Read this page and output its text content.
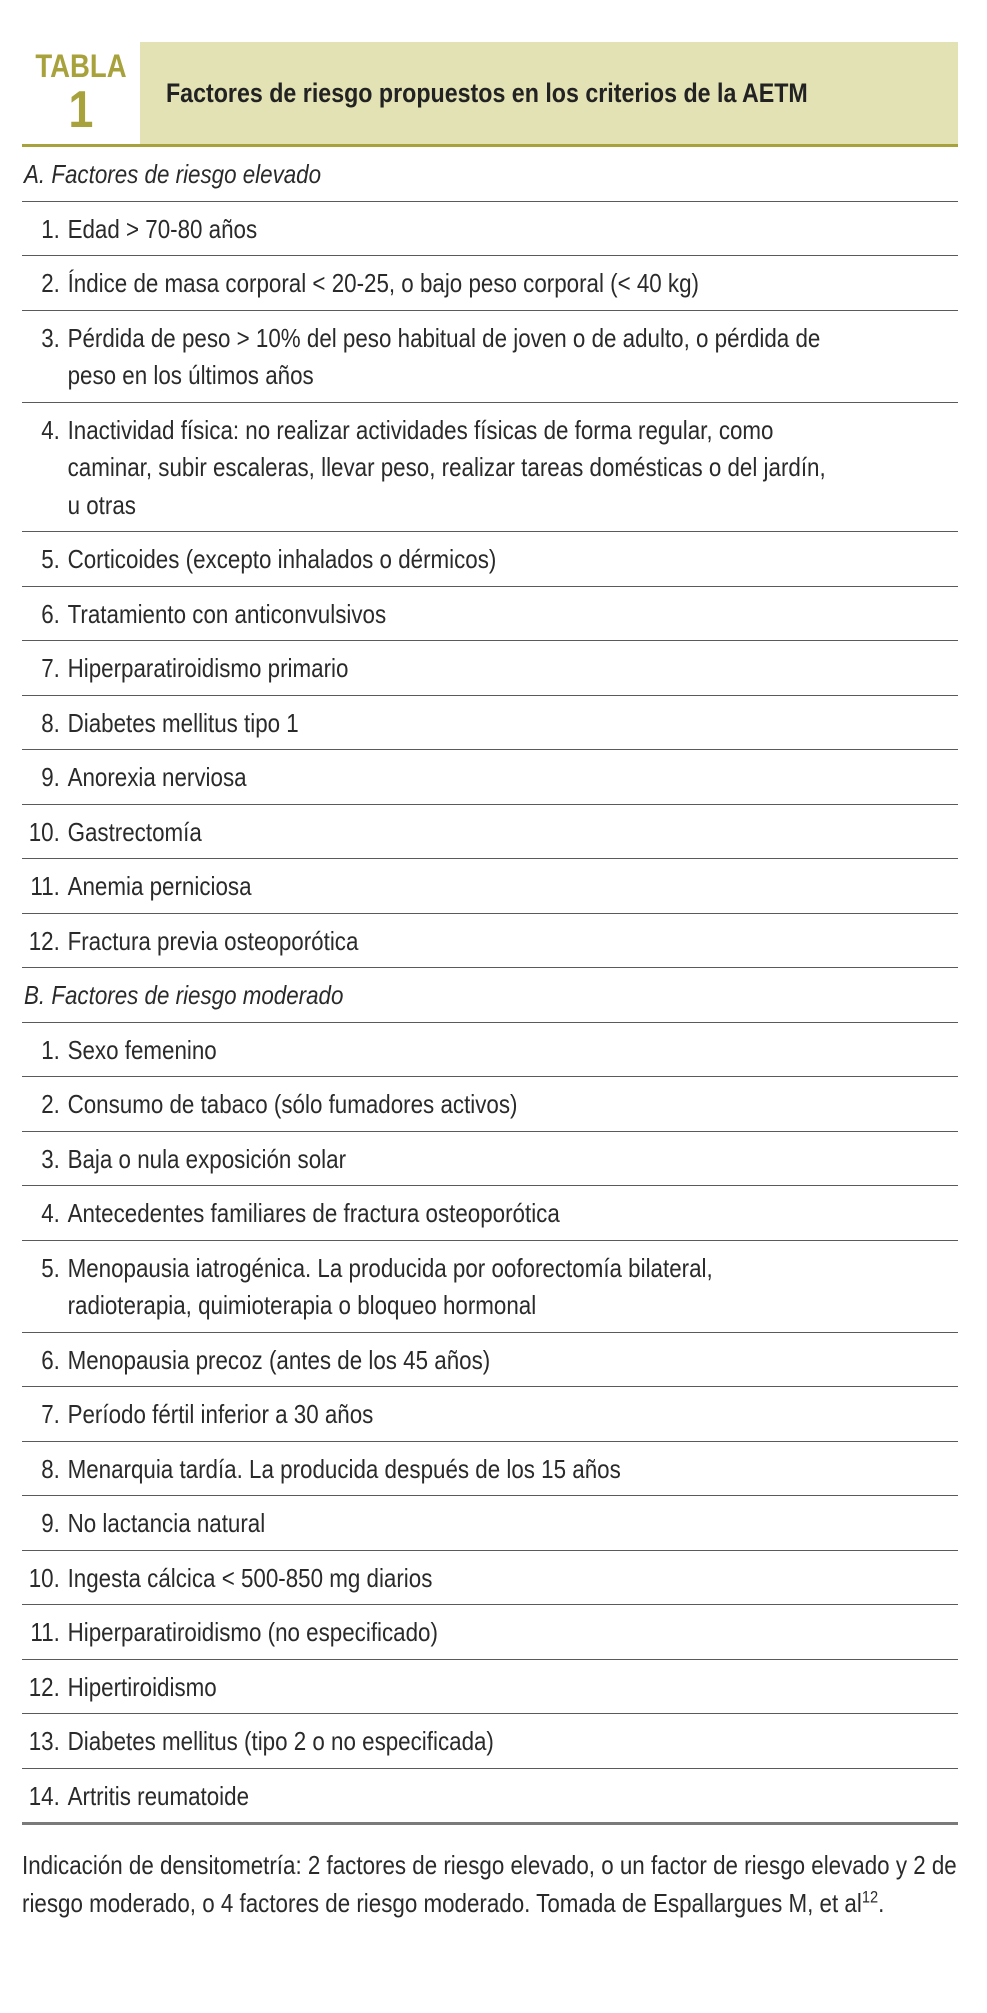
TABLA
1	Factores de riesgo propuestos en los criterios de la AETM
A. Factores de riesgo elevado
1. Edad > 70-80 años
2. Índice de masa corporal < 20-25, o bajo peso corporal (< 40 kg)
3. Pérdida de peso > 10% del peso habitual de joven o de adulto, o pérdida de peso en los últimos años
4. Inactividad física: no realizar actividades físicas de forma regular, como caminar, subir escaleras, llevar peso, realizar tareas domésticas o del jardín, u otras
5. Corticoides (excepto inhalados o dérmicos)
6. Tratamiento con anticonvulsivos
7. Hiperparatiroidismo primario
8. Diabetes mellitus tipo 1
9. Anorexia nerviosa
10. Gastrectomía
11. Anemia perniciosa
12. Fractura previa osteoporótica
B. Factores de riesgo moderado
1. Sexo femenino
2. Consumo de tabaco (sólo fumadores activos)
3. Baja o nula exposición solar
4. Antecedentes familiares de fractura osteoporótica
5. Menopausia iatrogénica. La producida por ooforectomía bilateral, radioterapia, quimioterapia o bloqueo hormonal
6. Menopausia precoz (antes de los 45 años)
7. Período fértil inferior a 30 años
8. Menarquia tardía. La producida después de los 15 años
9. No lactancia natural
10. Ingesta cálcica < 500-850 mg diarios
11. Hiperparatiroidismo (no especificado)
12. Hipertiroidismo
13. Diabetes mellitus (tipo 2 o no especificada)
14. Artritis reumatoide
Indicación de densitometría: 2 factores de riesgo elevado, o un factor de riesgo elevado y 2 de riesgo moderado, o 4 factores de riesgo moderado. Tomada de Espallargues M, et $al^{12}$.
